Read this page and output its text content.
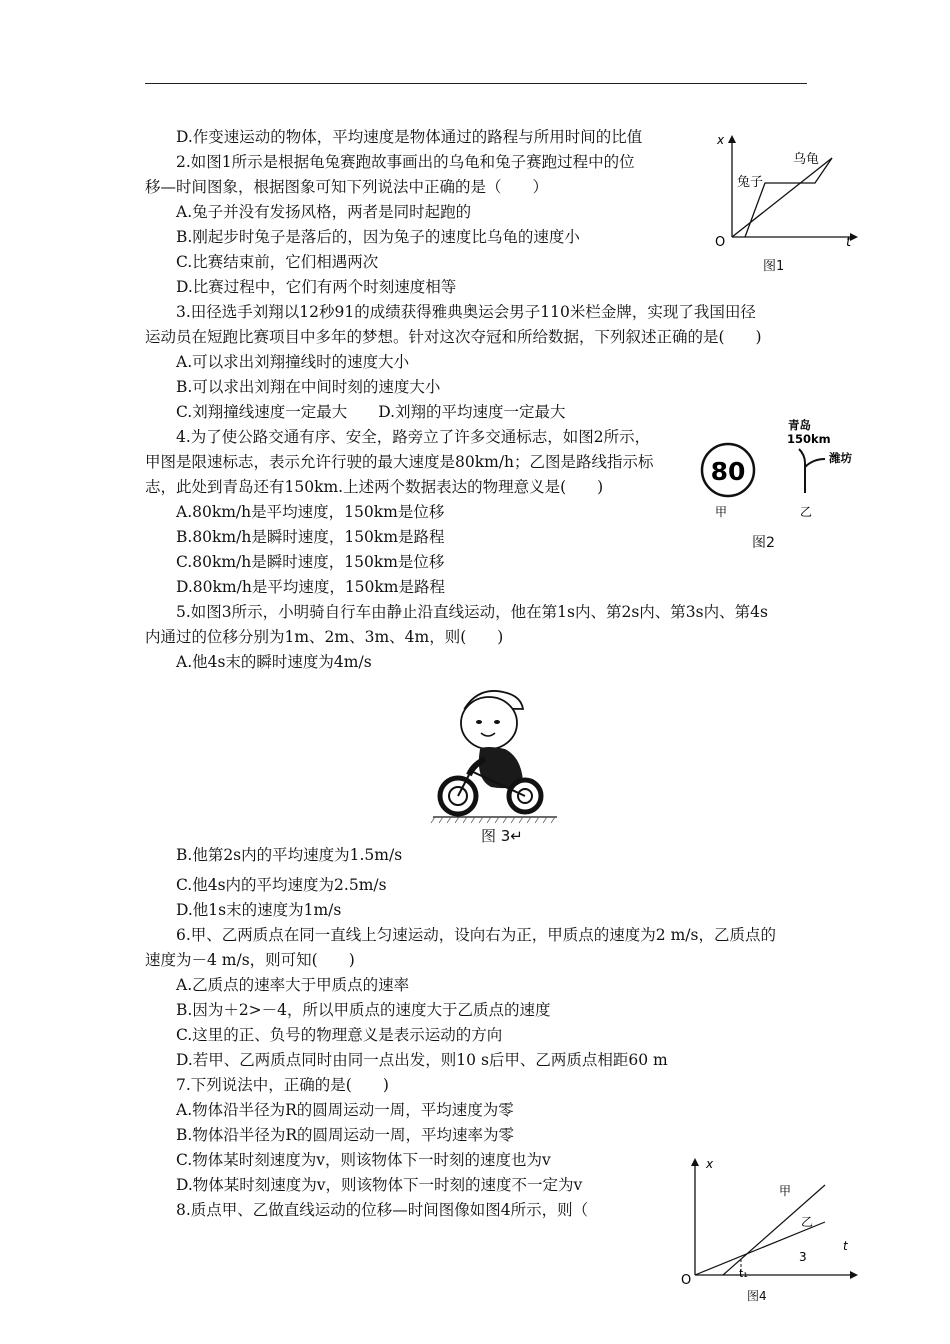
D.作变速运动的物体，平均速度是物体通过的路程与所用时间的比值
2.如图1所示是根据龟兔赛跑故事画出的乌龟和兔子赛跑过程中的位
移—时间图象，根据图象可知下列说法中正确的是（　　）
A.兔子并没有发扬风格，两者是同时起跑的
B.刚起步时兔子是落后的，因为兔子的速度比乌龟的速度小
C.比赛结束前，它们相遇两次
D.比赛过程中，它们有两个时刻速度相等
3.田径选手刘翔以12秒91的成绩获得雅典奥运会男子110米栏金牌，实现了我国田径
运动员在短跑比赛项目中多年的梦想。针对这次夺冠和所给数据，下列叙述正确的是(　　)
A.可以求出刘翔撞线时的速度大小
B.可以求出刘翔在中间时刻的速度大小
C.刘翔撞线速度一定最大　　D.刘翔的平均速度一定最大
4.为了使公路交通有序、安全，路旁立了许多交通标志，如图2所示，
甲图是限速标志，表示允许行驶的最大速度是80km/h；乙图是路线指示标
志，此处到青岛还有150km.上述两个数据表达的物理意义是(　　)
A.80km/h是平均速度，150km是位移
B.80km/h是瞬时速度，150km是路程
C.80km/h是瞬时速度，150km是位移
D.80km/h是平均速度，150km是路程
5.如图3所示，小明骑自行车由静止沿直线运动，他在第1s内、第2s内、第3s内、第4s
内通过的位移分别为1m、2m、3m、4m，则(　　)
A.他4s末的瞬时速度为4m/s
B.他第2s内的平均速度为1.5m/s
C.他4s内的平均速度为2.5m/s
D.他1s末的速度为1m/s
6.甲、乙两质点在同一直线上匀速运动，设向右为正，甲质点的速度为2 m/s，乙质点的
速度为－4 m/s，则可知(　　)
A.乙质点的速率大于甲质点的速率
B.因为＋2>－4，所以甲质点的速度大于乙质点的速度
C.这里的正、负号的物理意义是表示运动的方向
D.若甲、乙两质点同时由同一点出发，则10 s后甲、乙两质点相距60 m
7.下列说法中，正确的是(　　)
A.物体沿半径为R的圆周运动一周，平均速度为零
B.物体沿半径为R的圆周运动一周，平均速率为零
C.物体某时刻速度为v，则该物体下一时刻的速度也为v
D.物体某时刻速度为v，则该物体下一时刻的速度不一定为v
8.质点甲、乙做直线运动的位移—时间图像如图4所示，则（
O	t
x
乌龟
兔子
图1
80
甲
青岛
150km
潍坊
乙
图2
图 3↵
x
t
O
甲
乙
t₁
3
图4
